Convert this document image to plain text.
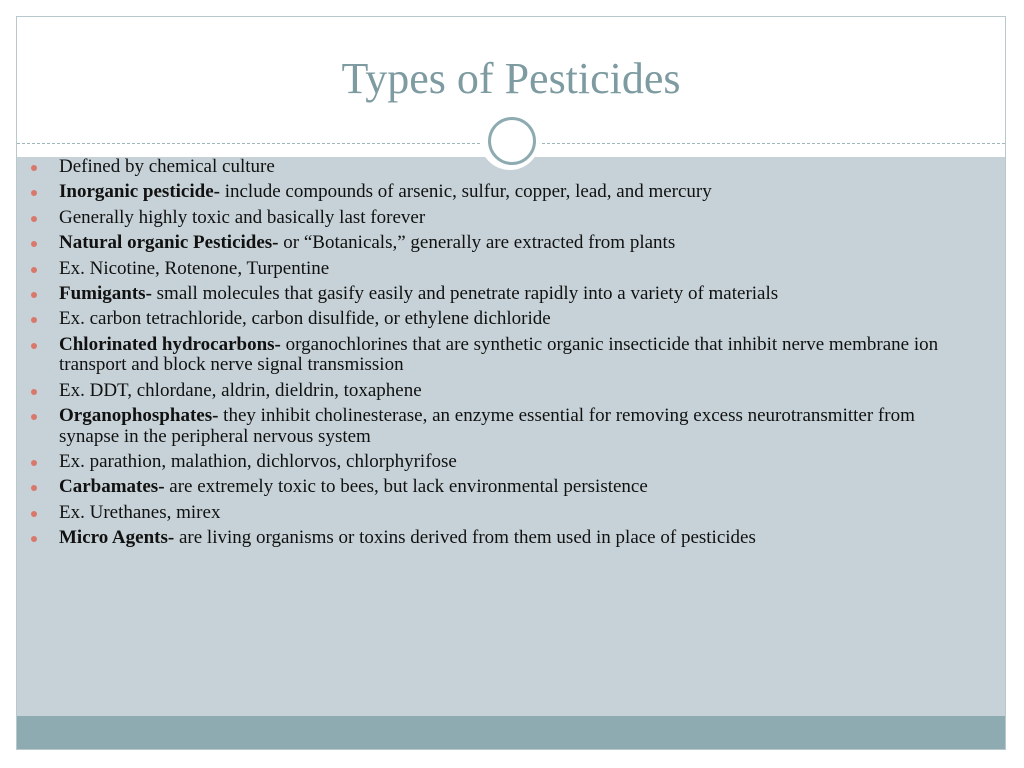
Types of Pesticides
Defined by chemical culture
Inorganic pesticide- include compounds of arsenic, sulfur, copper, lead, and mercury
Generally highly toxic and basically last forever
Natural organic Pesticides- or “Botanicals,” generally are extracted from plants
Ex. Nicotine, Rotenone, Turpentine
Fumigants- small molecules that gasify easily and penetrate rapidly into a variety of materials
Ex. carbon tetrachloride, carbon disulfide, or ethylene dichloride
Chlorinated hydrocarbons- organochlorines that are synthetic organic insecticide that inhibit nerve membrane ion transport and block nerve signal transmission
Ex. DDT, chlordane, aldrin, dieldrin, toxaphene
Organophosphates- they inhibit cholinesterase, an enzyme essential for removing excess neurotransmitter from synapse in the peripheral nervous system
Ex. parathion, malathion, dichlorvos, chlorphyrifose
Carbamates- are extremely toxic to bees, but lack environmental persistence
Ex. Urethanes, mirex
Micro Agents- are living organisms or toxins derived from them used in place of pesticides
